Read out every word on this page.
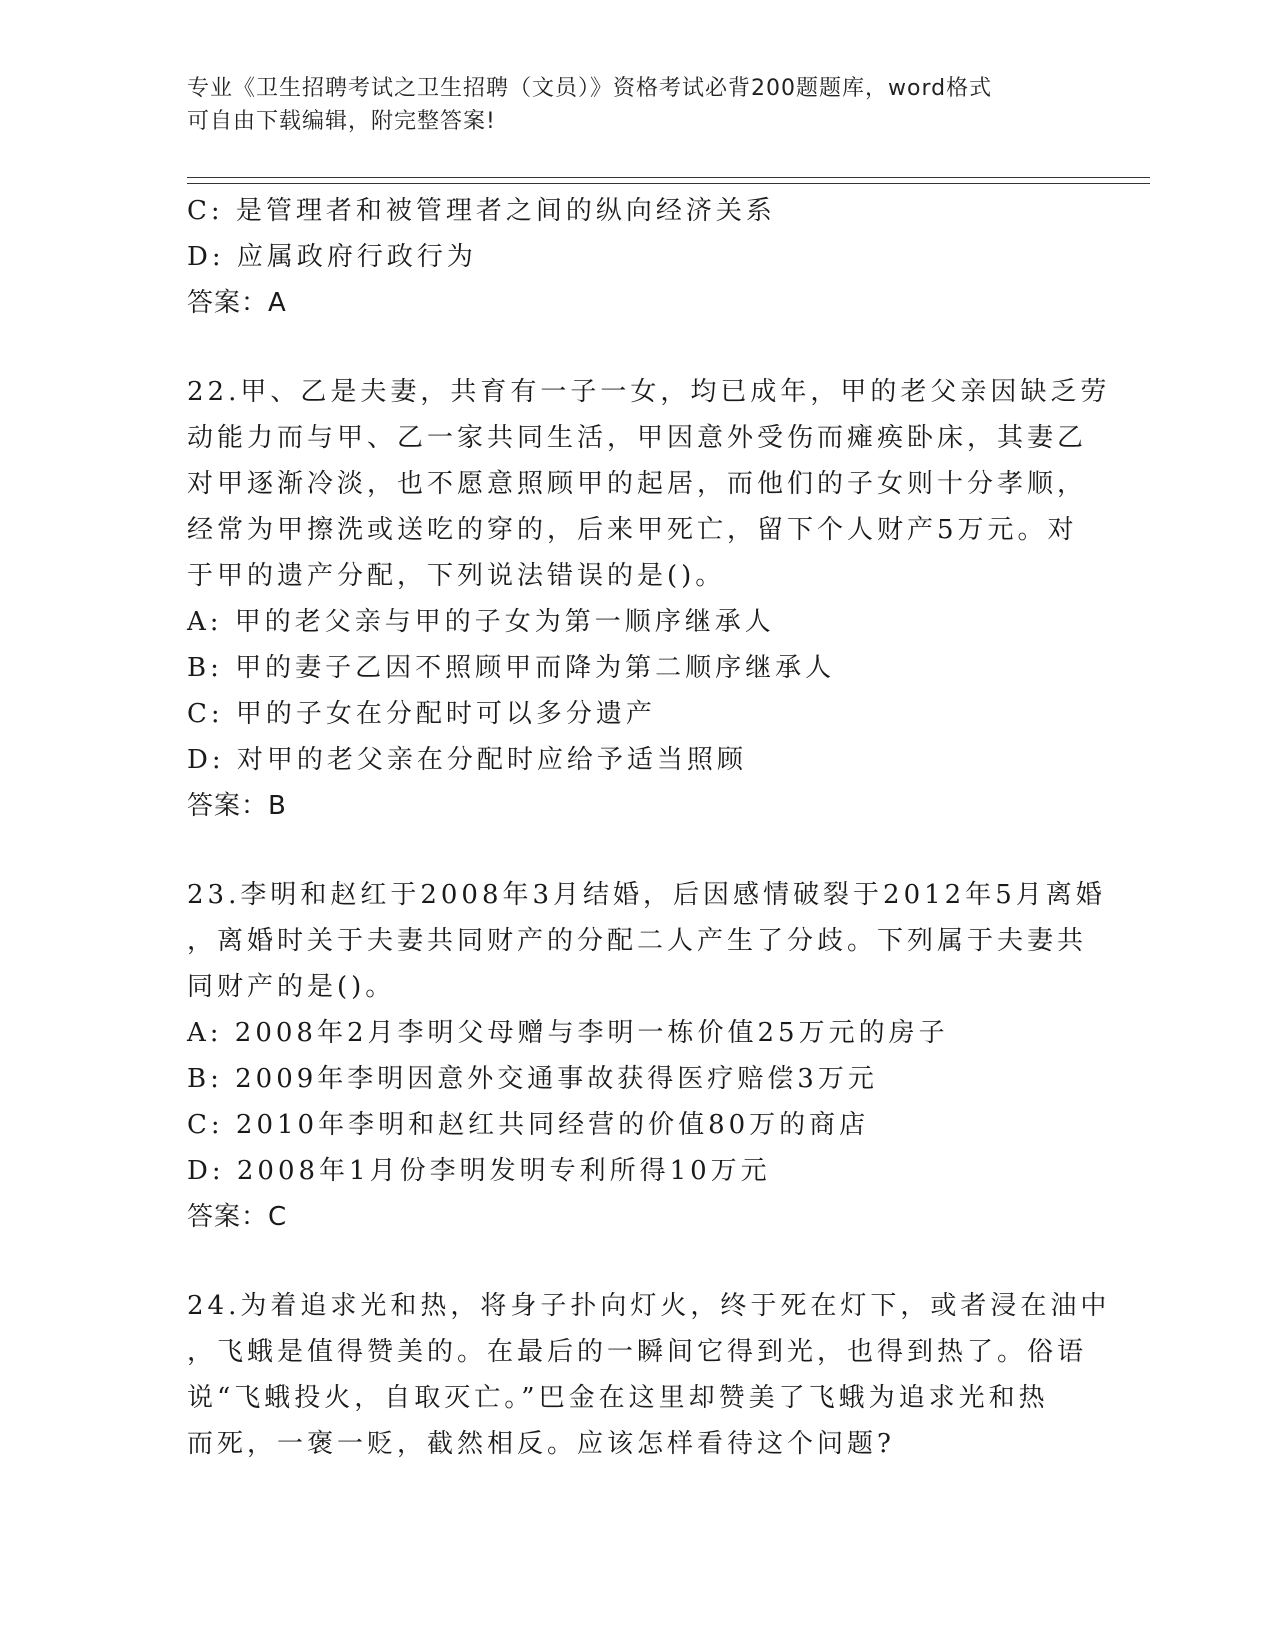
专业《卫生招聘考试之卫生招聘（文员）》资格考试必背200题题库，word格式
可自由下载编辑，附完整答案!
C: 是管理者和被管理者之间的纵向经济关系
D: 应属政府行政行为
答案：A
22.甲、乙是夫妻，共育有一子一女，均已成年，甲的老父亲因缺乏劳
动能力而与甲、乙一家共同生活，甲因意外受伤而瘫痪卧床，其妻乙
对甲逐渐冷淡，也不愿意照顾甲的起居，而他们的子女则十分孝顺，
经常为甲擦洗或送吃的穿的，后来甲死亡，留下个人财产5万元。对
于甲的遗产分配，下列说法错误的是()。
A: 甲的老父亲与甲的子女为第一顺序继承人
B: 甲的妻子乙因不照顾甲而降为第二顺序继承人
C: 甲的子女在分配时可以多分遗产
D: 对甲的老父亲在分配时应给予适当照顾
答案：B
23.李明和赵红于2008年3月结婚，后因感情破裂于2012年5月离婚
，离婚时关于夫妻共同财产的分配二人产生了分歧。下列属于夫妻共
同财产的是()。
A: 2008年2月李明父母赠与李明一栋价值25万元的房子
B: 2009年李明因意外交通事故获得医疗赔偿3万元
C: 2010年李明和赵红共同经营的价值80万的商店
D: 2008年1月份李明发明专利所得10万元
答案：C
24.为着追求光和热，将身子扑向灯火，终于死在灯下，或者浸在油中
，飞蛾是值得赞美的。在最后的一瞬间它得到光，也得到热了。俗语
说“飞蛾投火，自取灭亡。”巴金在这里却赞美了飞蛾为追求光和热
而死，一褒一贬，截然相反。应该怎样看待这个问题?
